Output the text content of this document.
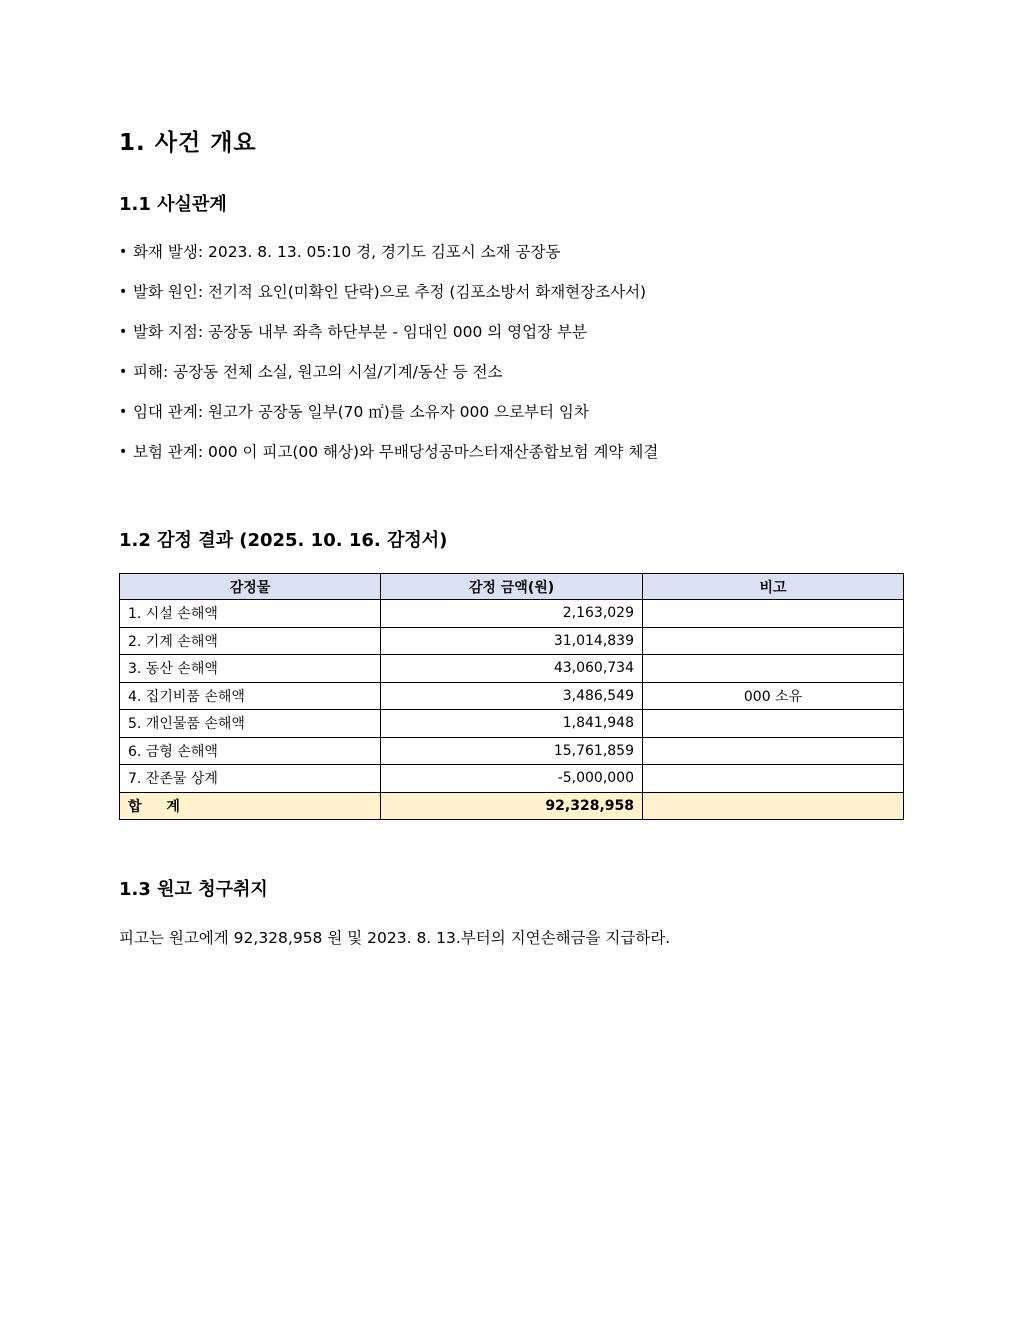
1. 사건 개요
1.1 사실관계
• 화재 발생: 2023. 8. 13. 05:10 경, 경기도 김포시 소재 공장동
• 발화 원인: 전기적 요인(미확인 단락)으로 추정 (김포소방서 화재현장조사서)
• 발화 지점: 공장동 내부 좌측 하단부분 - 임대인 000 의 영업장 부분
• 피해: 공장동 전체 소실, 원고의 시설/기계/동산 등 전소
• 임대 관계: 원고가 공장동 일부(70 ㎡)를 소유자 000 으로부터 임차
• 보험 관계: 000 이 피고(00 해상)와 무배당성공마스터재산종합보험 계약 체결
1.2 감정 결과 (2025. 10. 16. 감정서)
감정물	감정 금액(원)	비고
1. 시설 손해액	2,163,029	
2. 기계 손해액	31,014,839	
3. 동산 손해액	43,060,734	
4. 집기비품 손해액	3,486,549	000 소유
5. 개인물품 손해액	1,841,948	
6. 금형 손해액	15,761,859	
7. 잔존물 상계	-5,000,000	
합 계	92,328,958	
1.3 원고 청구취지
피고는 원고에게 92,328,958 원 및 2023. 8. 13.부터의 지연손해금을 지급하라.
